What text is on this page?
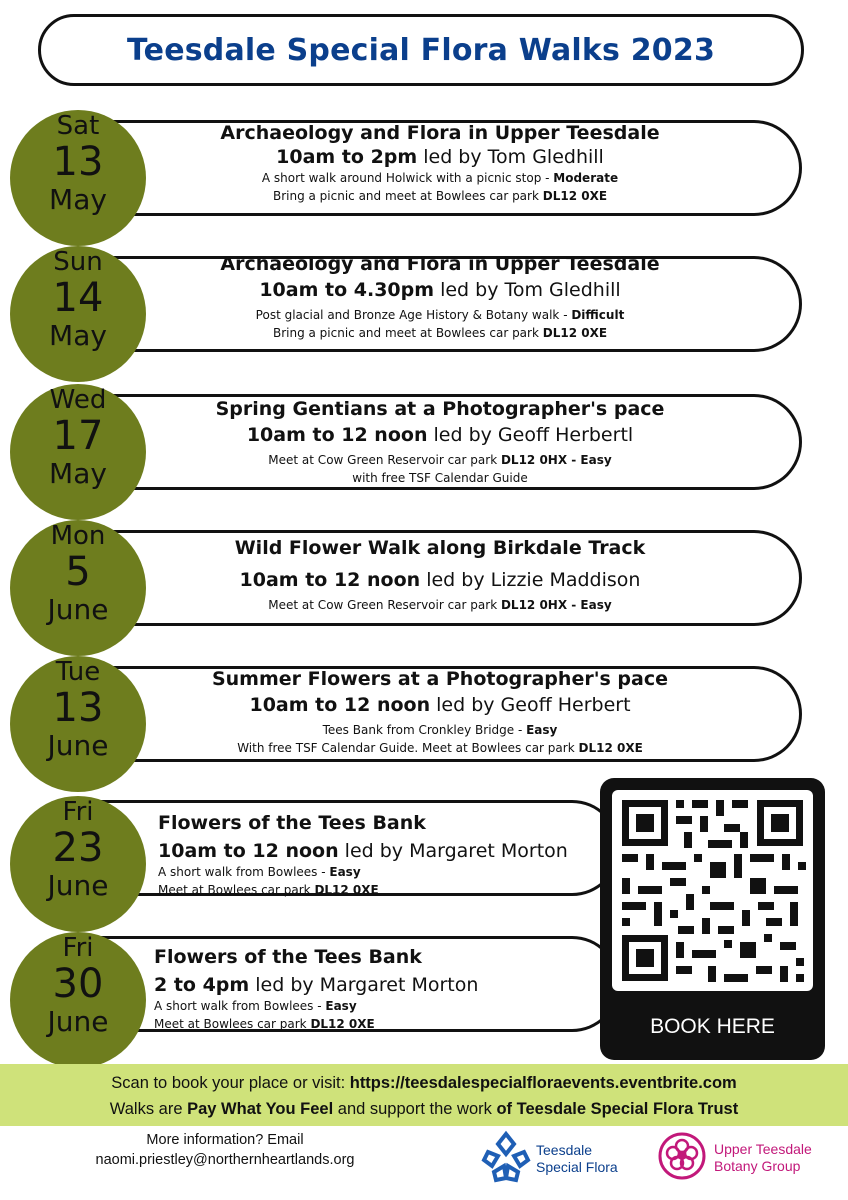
Teesdale Special Flora Walks 2023
Sat
13
May
Archaeology and Flora in Upper Teesdale
10am to 2pm led by Tom Gledhill
A short walk around Holwick with a picnic stop - Moderate
Bring a picnic and meet at Bowlees car park DL12 0XE
Sun
14
May
Archaeology and Flora in Upper Teesdale
10am to 4.30pm led by Tom Gledhill
Post glacial and Bronze Age History & Botany walk - Difficult
Bring a picnic and meet at Bowlees car park DL12 0XE
Wed
17
May
Spring Gentians at a Photographer's pace
10am to 12 noon led by Geoff Herbertl
Meet at Cow Green Reservoir car park DL12 0HX - Easy
with free TSF Calendar Guide
Mon
5
June
Wild Flower Walk along Birkdale Track
10am to 12 noon led by Lizzie Maddison
Meet at Cow Green Reservoir car park DL12 0HX - Easy
Tue
13
June
Summer Flowers at a Photographer's pace
10am to 12 noon led by Geoff Herbert
Tees Bank from Cronkley Bridge - Easy
With free TSF Calendar Guide. Meet at Bowlees car park DL12 0XE
Fri
23
June
Flowers of the Tees Bank
10am to 12 noon led by Margaret Morton
A short walk from Bowlees - Easy
Meet at Bowlees car park DL12 0XE
Fri
30
June
Flowers of the Tees Bank
2 to 4pm led by Margaret Morton
A short walk from Bowlees - Easy
Meet at Bowlees car park DL12 0XE	BOOK HERE
Scan to book your place or visit: https://teesdalespecialfloraevents.eventbrite.com
Walks are Pay What You Feel and support the work of Teesdale Special Flora Trust
More information? Email
naomi.priestley@northernheartlands.org
Teesdale
Special Flora
Upper Teesdale
Botany Group
